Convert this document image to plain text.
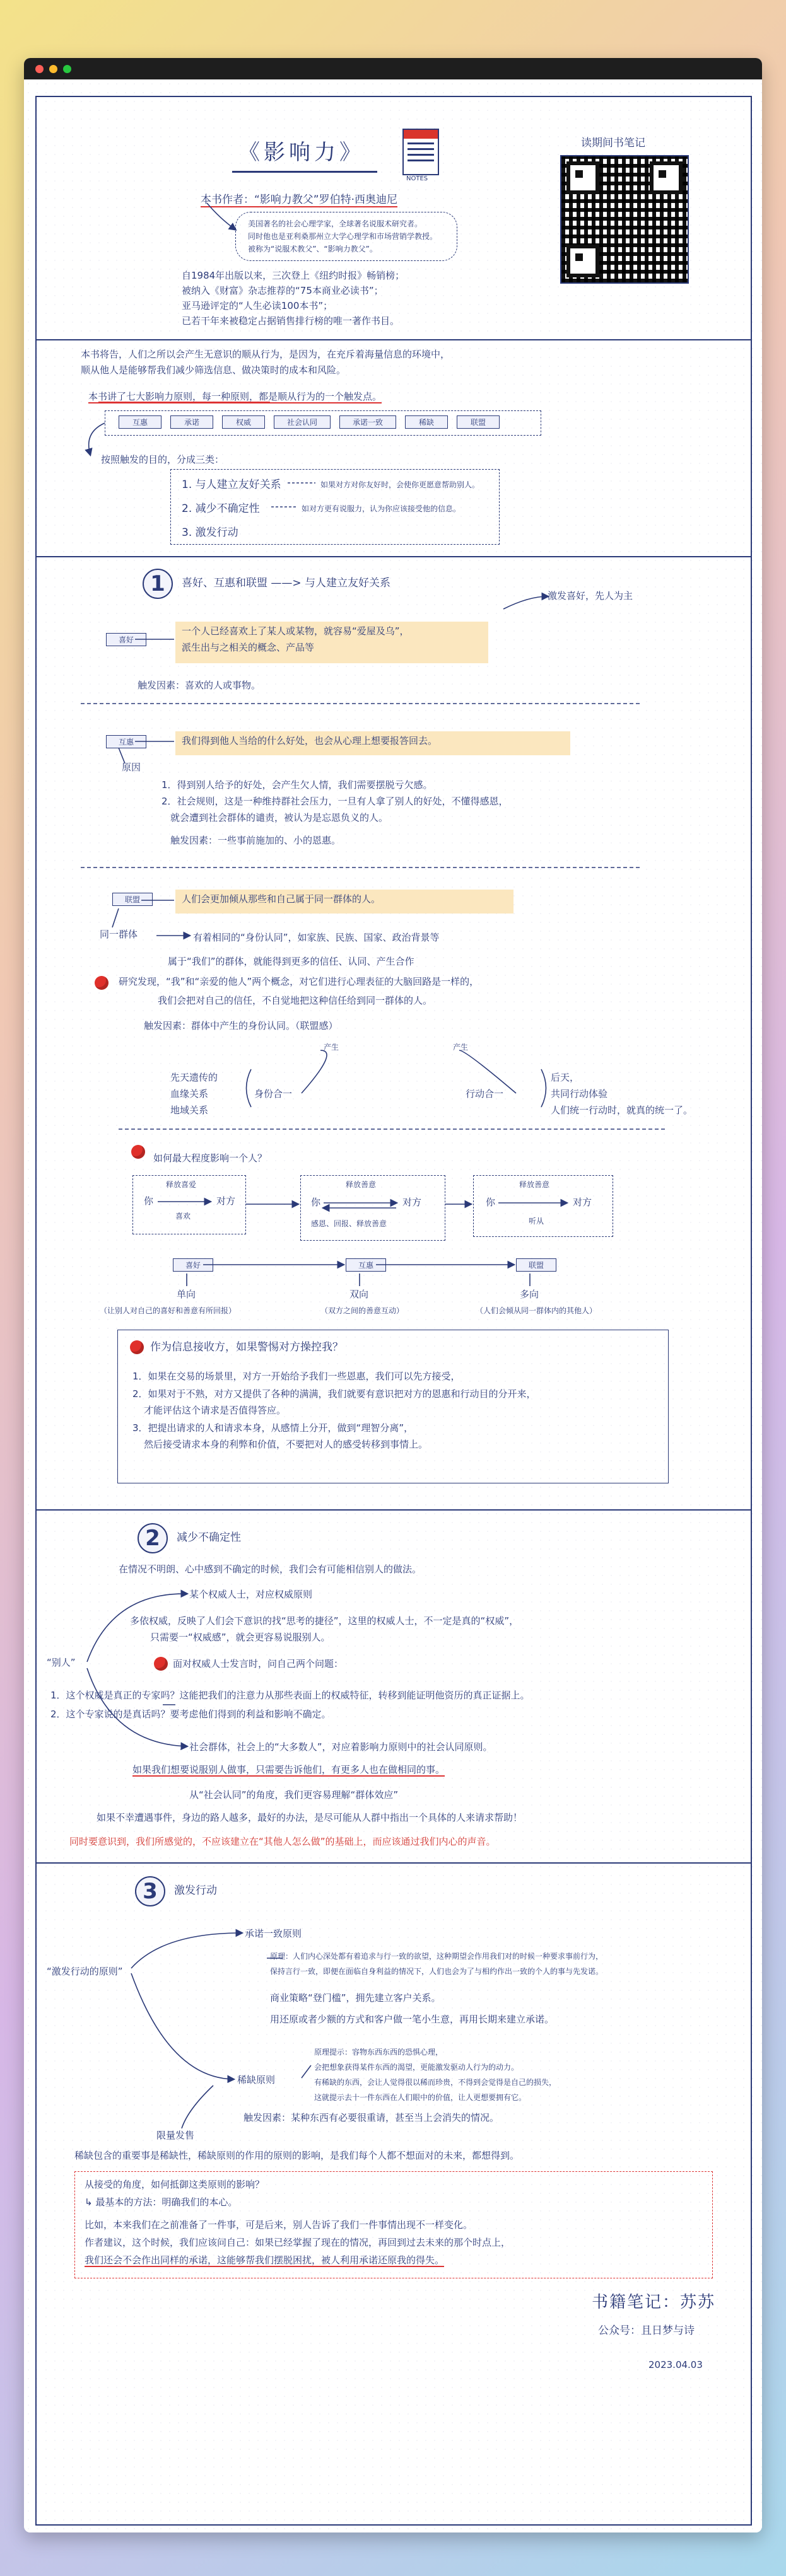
《影响力》
NOTES
读期间书笔记
本书作者：“影响力教父”罗伯特·西奥迪尼
美国著名的社会心理学家，全球著名说服术研究者。
同时他也是亚利桑那州立大学心理学和市场营销学教授。
被称为“说服术教父”、“影响力教父”。
自1984年出版以来，三次登上《纽约时报》畅销榜；
被纳入《财富》杂志推荐的“75本商业必读书”；
亚马逊评定的“人生必读100本书”；
已若干年来被稳定占据销售排行榜的唯一著作书目。
本书将告，人们之所以会产生无意识的顺从行为，是因为，在充斥着海量信息的环境中，
顺从他人是能够帮我们减少筛选信息、做决策时的成本和风险。
本书讲了七大影响力原则，每一种原则，都是顺从行为的一个触发点。
互惠	承诺	权威	社会认同	承诺一致	稀缺	联盟
按照触发的目的，分成三类：
1. 与人建立友好关系	如果对方对你友好时，会使你更愿意帮助别人。
2. 减少不确定性	如对方更有说服力，认为你应该接受他的信息。
3. 激发行动
1	喜好、互惠和联盟 ——> 与人建立友好关系
激发喜好，先人为主
喜好
一个人已经喜欢上了某人或某物，就容易“爱屋及乌”，
派生出与之相关的概念、产品等
触发因素：喜欢的人或事物。
互惠	我们得到他人当给的什么好处，也会从心理上想要报答回去。
原因
1．得到别人给予的好处，会产生欠人情，我们需要摆脱亏欠感。
2．社会规则，这是一种维持群社会压力，一旦有人拿了别人的好处，不懂得感恩，
就会遭到社会群体的谴责，被认为是忘恩负义的人。
触发因素：一些事前施加的、小的恩惠。
联盟	人们会更加倾从那些和自己属于同一群体的人。
同一群体	有着相同的“身份认同”，如家族、民族、国家、政治背景等
属于“我们”的群体，就能得到更多的信任、认同、产生合作
研究发现，“我”和“亲爱的他人”两个概念，对它们进行心理表征的大脑回路是一样的，
我们会把对自己的信任，不自觉地把这种信任给到同一群体的人。
触发因素：群体中产生的身份认同。（联盟感）
产生	产生
先天遗传的
血缘关系
地域关系
身份合一	行动合一
后天，
共同行动体验
人们统一行动时，就真的统一了。
如何最大程度影响一个人？
释放喜爱
你	对方
喜欢
释放善意
你	对方
感恩、回报、释放善意
释放善意
你	对方
听从
喜好	互惠	联盟
单向	双向	多向
（让别人对自己的喜好和善意有所回报）	（双方之间的善意互动）	（人们会倾从同一群体内的其他人）
作为信息接收方，如果警惕对方操控我？
1．如果在交易的场景里，对方一开始给予我们一些恩惠，我们可以先方接受，
2．如果对于不熟，对方又提供了各种的满满，我们就要有意识把对方的恩惠和行动目的分开来，
才能评估这个请求是否值得答应。
3．把提出请求的人和请求本身，从感情上分开，做到“理智分离”，
然后接受请求本身的利弊和价值，不要把对人的感受转移到事情上。
2	减少不确定性
在情况不明朗、心中感到不确定的时候，我们会有可能相信别人的做法。
“别人”
某个权威人士，对应权威原则
多依权威，反映了人们会下意识的找“思考的捷径”，这里的权威人士，不一定是真的“权威”，
只需要一“权威感”，就会更容易说服别人。
面对权威人士发言时，问自己两个问题：
1．这个权威是真正的专家吗？这能把我们的注意力从那些表面上的权威特征，转移到能证明他资历的真正证据上。
2．这个专家说的是真话吗？要考虑他们得到的利益和影响不确定。
社会群体，社会上的“大多数人”，对应着影响力原则中的社会认同原则。
如果我们想要说服别人做事，只需要告诉他们，有更多人也在做相同的事。
从“社会认同”的角度，我们更容易理解“群体效应”
如果不幸遭遇事件，身边的路人越多，最好的办法，是尽可能从人群中指出一个具体的人来请求帮助！
同时要意识到，我们所感觉的，不应该建立在“其他人怎么做”的基础上，而应该通过我们内心的声音。
3	激发行动
“激发行动的原则”
承诺一致原则
原理：人们内心深处都有着追求与行一致的欲望，这种期望会作用我们对的时候一种要求事前行为，
保持言行一致，即便在面临自身利益的情况下，人们也会为了与相约作出一致的个人的事与先发诺。
商业策略“登门槛”，拥先建立客户关系。
用还原或者少额的方式和客户做一笔小生意，再用长期来建立承诺。
稀缺原则
原理提示：容物东西东西的恐惧心理，
会把想象获得某件东西的渴望，更能激发驱动人行为的动力。
有稀缺的东西，会让人觉得很以稀而珍贵，不得到会觉得是自己的损失，
这就提示去十一件东西在人们眼中的价值，让人更想要拥有它。
触发因素：某种东西有必要很重请，甚至当上会消失的情况。
限量发售
稀缺包含的重要事是稀缺性，稀缺原则的作用的原则的影响，是我们每个人都不想面对的未来，都想得到。
从接受的角度，如何抵御这类原则的影响？
↳ 最基本的方法：明确我们的本心。
比如，本来我们在之前准备了一件事，可是后来，别人告诉了我们一件事情出现不一样变化。
作者建议，这个时候，我们应该问自己：如果已经掌握了现在的情况，再回到过去未来的那个时点上，
我们还会不会作出同样的承诺，这能够帮我们摆脱困扰，被人利用承诺还原我的得失。
书籍笔记：苏苏
公众号：且日梦与诗
2023.04.03
